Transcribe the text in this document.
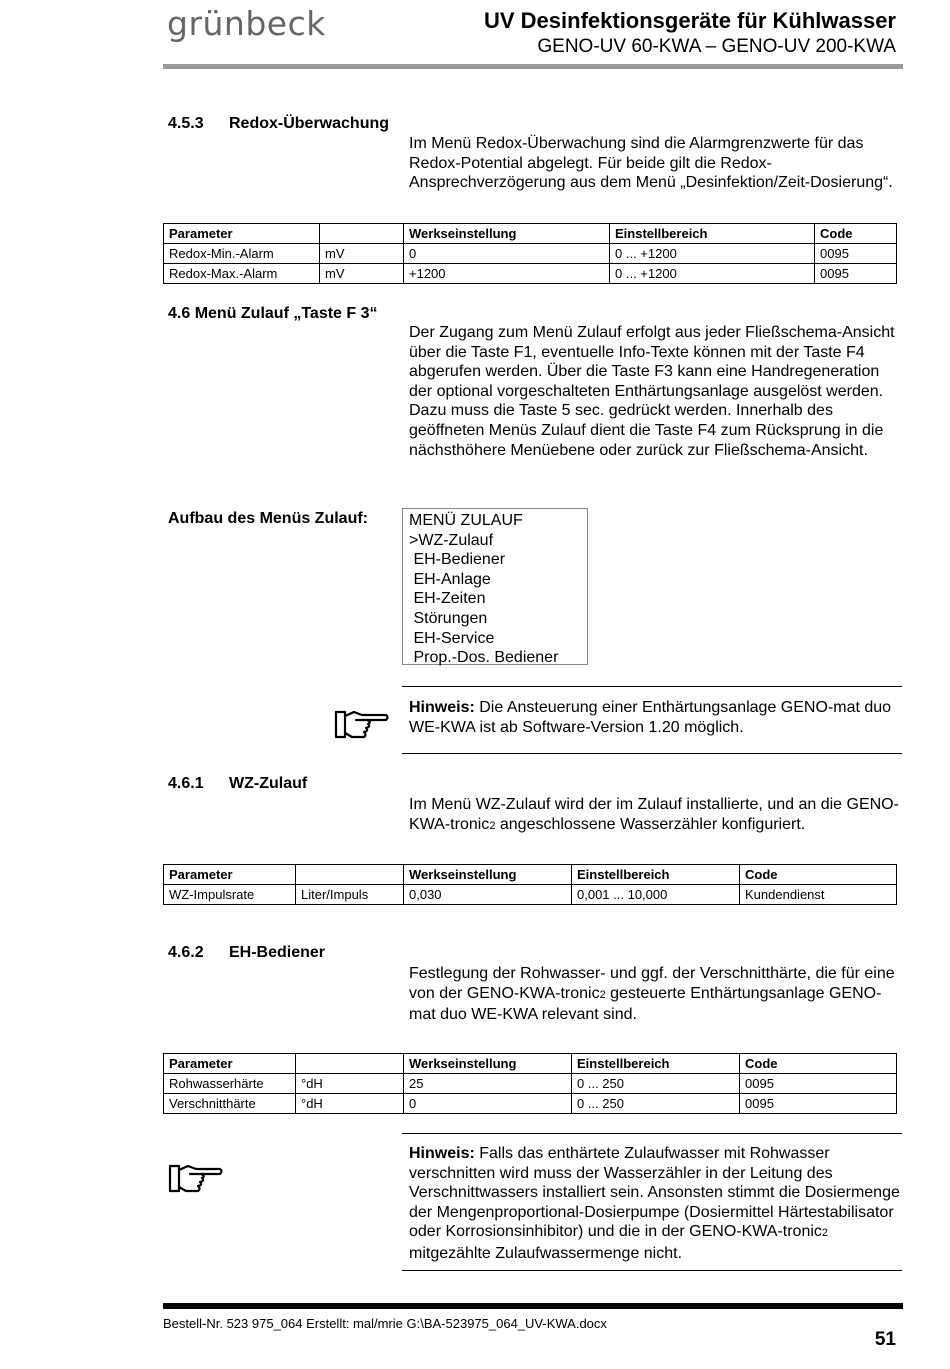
grünbeck	UV Desinfektionsgeräte für Kühlwasser
GENO-UV 60-KWA – GENO-UV 200-KWA
4.5.3 Redox-Überwachung
Im Menü Redox-Überwachung sind die Alarmgrenzwerte für das Redox-Potential abgelegt. Für beide gilt die Redox-Ansprechverzögerung aus dem Menü „Desinfektion/Zeit-Dosierung“.
Parameter		Werkseinstellung	Einstellbereich	Code
Redox-Min.-Alarm	mV	0	0 ... +1200	0095
Redox-Max.-Alarm	mV	+1200	0 ... +1200	0095
4.6 Menü Zulauf „Taste F 3“
Der Zugang zum Menü Zulauf erfolgt aus jeder Fließschema-Ansicht über die Taste F1, eventuelle Info-Texte können mit der Taste F4 abgerufen werden. Über die Taste F3 kann eine Handregeneration der optional vorgeschalteten Enthärtungsanlage ausgelöst werden. Dazu muss die Taste 5 sec. gedrückt werden. Innerhalb des geöffneten Menüs Zulauf dient die Taste F4 zum Rücksprung in die nächsthöhere Menüebene oder zurück zur Fließschema-Ansicht.
Aufbau des Menüs Zulauf:	MENÜ ZULAUF
>WZ-Zulauf
EH-Bediener
EH-Anlage
EH-Zeiten
Störungen
EH-Service
Prop.-Dos. Bediener
Hinweis: Die Ansteuerung einer Enthärtungsanlage GENO-mat duo WE-KWA ist ab Software-Version 1.20 möglich.
4.6.1 WZ-Zulauf
Im Menü WZ-Zulauf wird der im Zulauf installierte, und an die GENO-KWA-tronic2 angeschlossene Wasserzähler konfiguriert.
Parameter		Werkseinstellung	Einstellbereich	Code
WZ-Impulsrate	Liter/Impuls	0,030	0,001 ... 10,000	Kundendienst
4.6.2 EH-Bediener
Festlegung der Rohwasser- und ggf. der Verschnitthärte, die für eine von der GENO-KWA-tronic2 gesteuerte Enthärtungsanlage GENO-mat duo WE-KWA relevant sind.
Parameter		Werkseinstellung	Einstellbereich	Code
Rohwasserhärte	°dH	25	0 ... 250	0095
Verschnitthärte	°dH	0	0 ... 250	0095
Hinweis: Falls das enthärtete Zulaufwasser mit Rohwasser verschnitten wird muss der Wasserzähler in der Leitung des Verschnittwassers installiert sein. Ansonsten stimmt die Dosiermenge der Mengenproportional-Dosierpumpe (Dosiermittel Härtestabilisator oder Korrosionsinhibitor) und die in der GENO-KWA-tronic2 mitgezählte Zulaufwassermenge nicht.
Bestell-Nr. 523 975_064 Erstellt: mal/mrie G:\BA-523975_064_UV-KWA.docx
51
